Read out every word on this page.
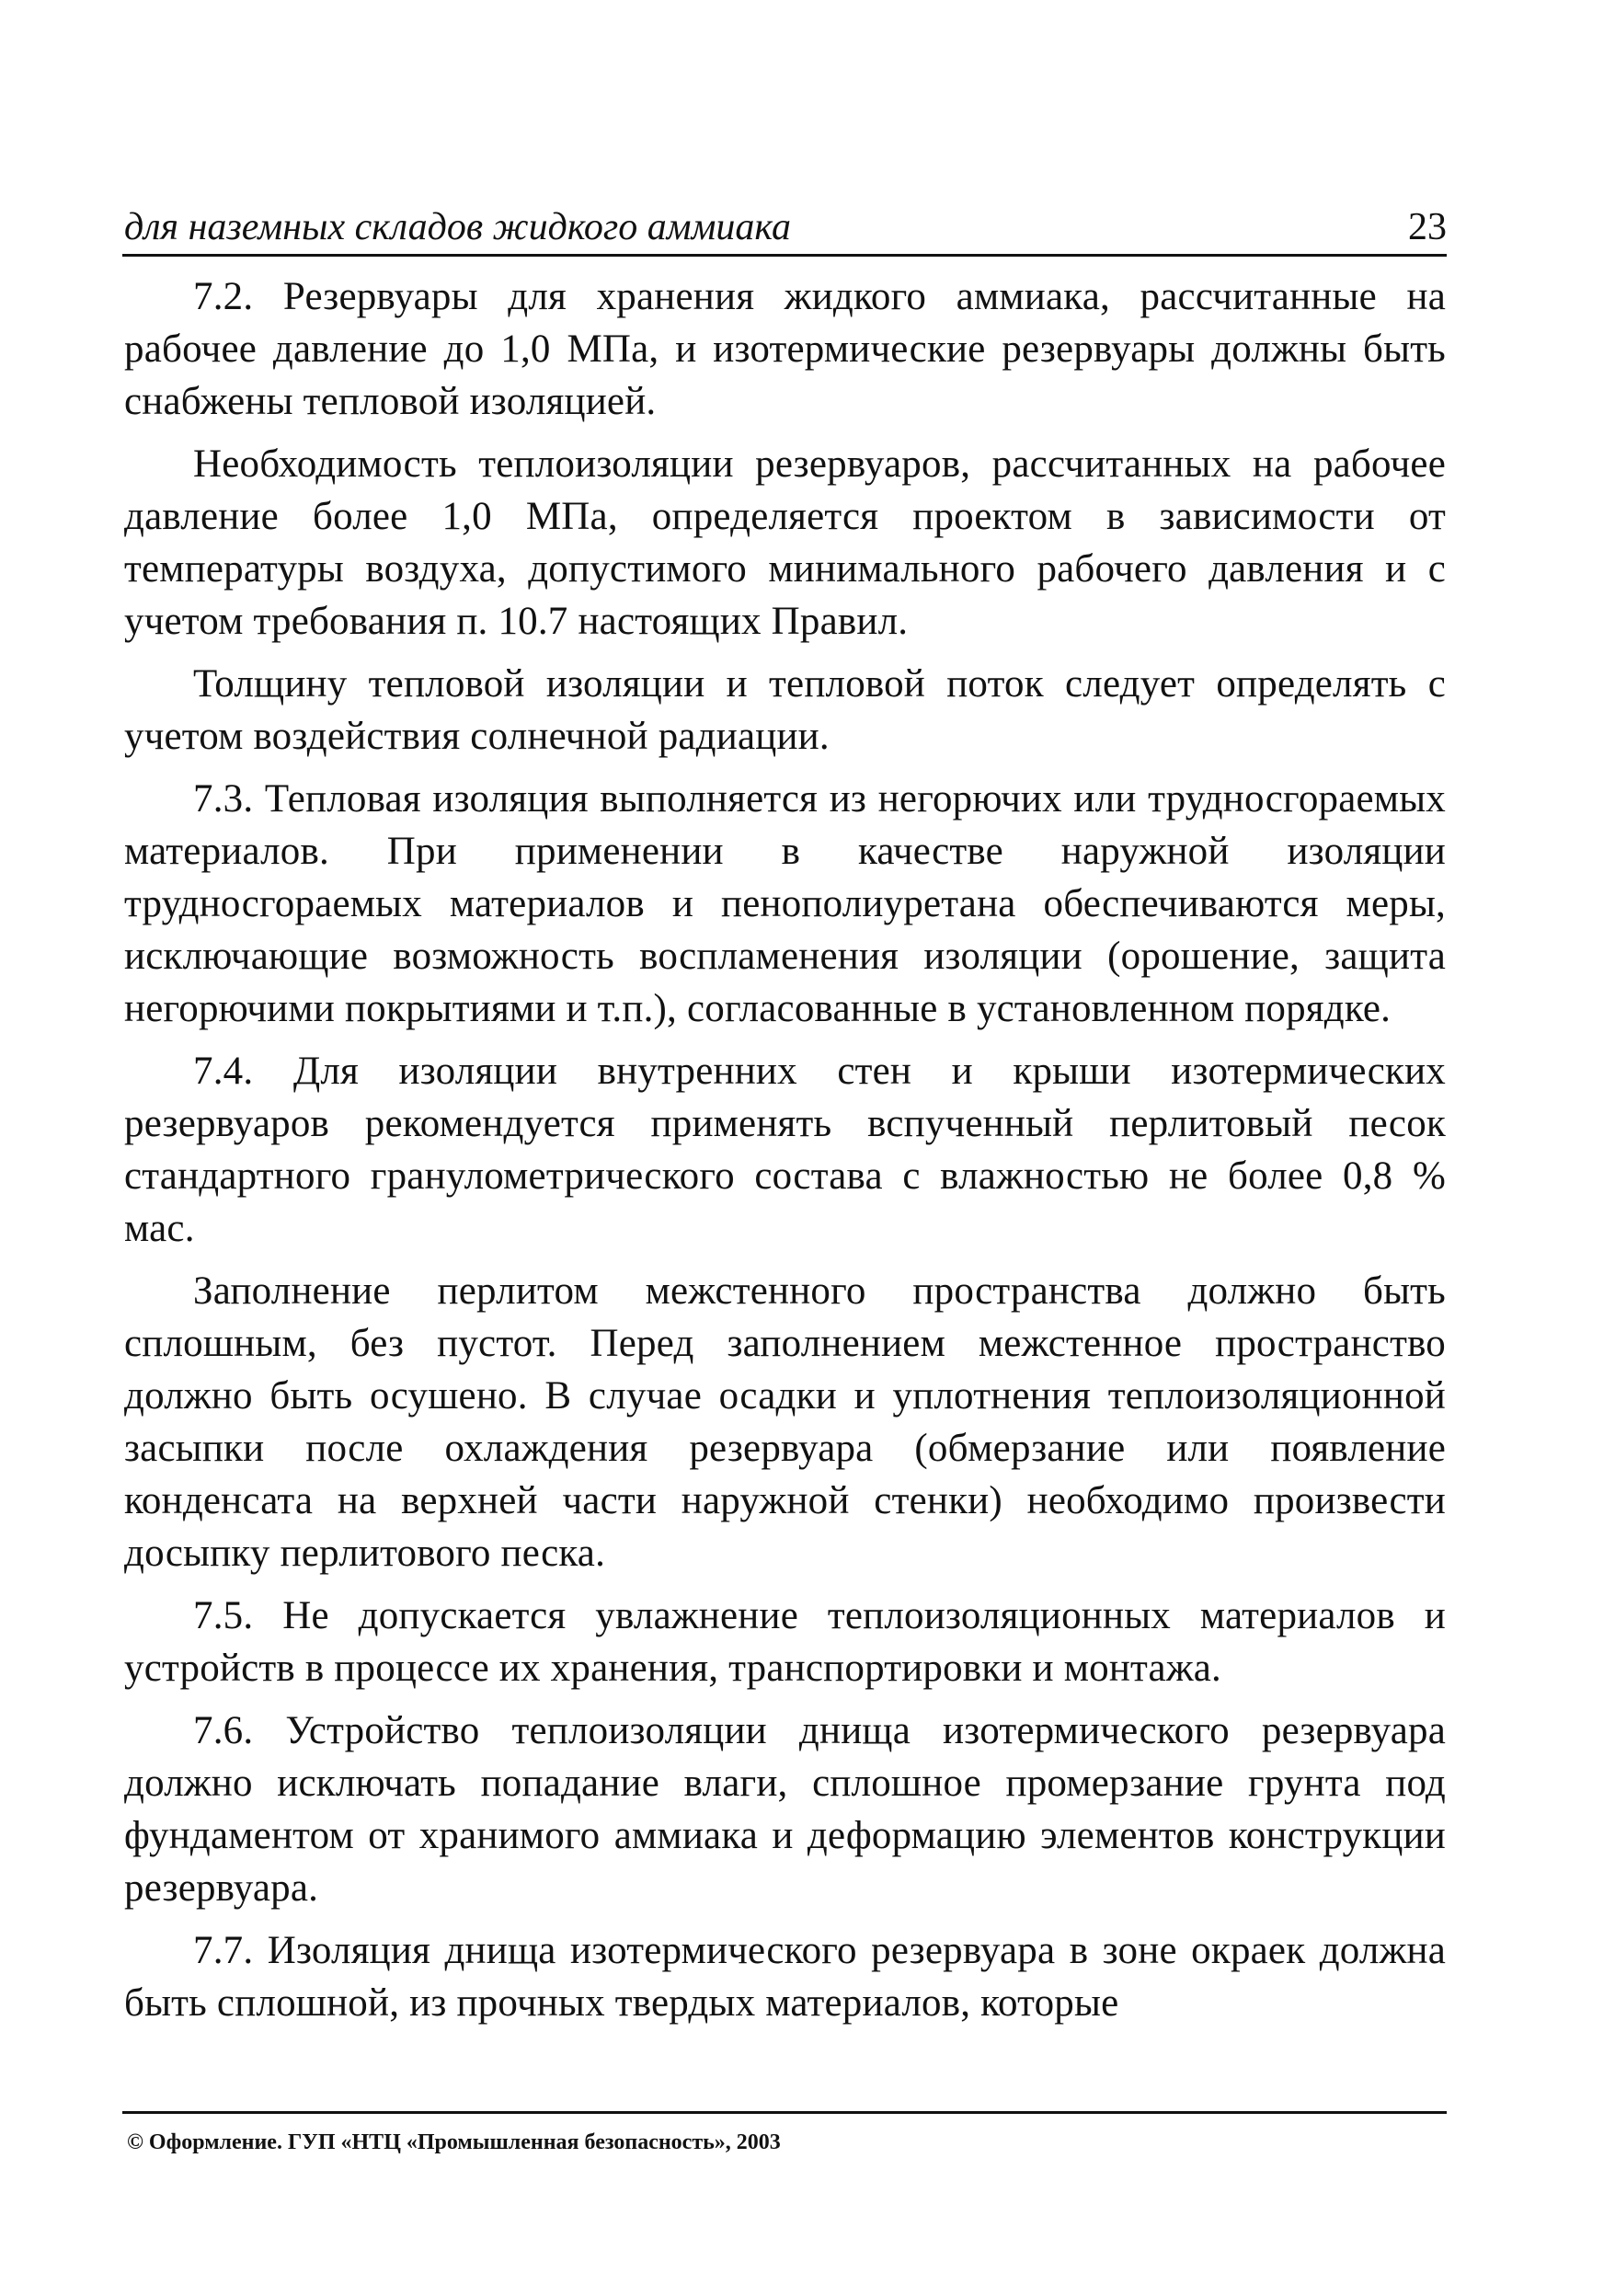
для наземных складов жидкого аммиака	23

7.2. Резервуары для хранения жидкого аммиака, рассчитанные на рабочее давление до 1,0 МПа, и изотермические резервуары должны быть снабжены тепловой изоляцией.

Необходимость теплоизоляции резервуаров, рассчитанных на рабочее давление более 1,0 МПа, определяется проектом в зависимости от температуры воздуха, допустимого минимального рабочего давления и с учетом требования п. 10.7 настоящих Правил.

Толщину тепловой изоляции и тепловой поток следует определять с учетом воздействия солнечной радиации.

7.3. Тепловая изоляция выполняется из негорючих или трудносгораемых материалов. При применении в качестве наружной изоляции трудносгораемых материалов и пенополиуретана обеспечиваются меры, исключающие возможность воспламенения изоляции (орошение, защита негорючими покрытиями и т.п.), согласованные в установленном порядке.

7.4. Для изоляции внутренних стен и крыши изотермических резервуаров рекомендуется применять вспученный перлитовый песок стандартного гранулометрического состава с влажностью не более 0,8 % мас.

Заполнение перлитом межстенного пространства должно быть сплошным, без пустот. Перед заполнением межстенное пространство должно быть осушено. В случае осадки и уплотнения теплоизоляционной засыпки после охлаждения резервуара (обмерзание или появление конденсата на верхней части наружной стенки) необходимо произвести досыпку перлитового песка.

7.5. Не допускается увлажнение теплоизоляционных материалов и устройств в процессе их хранения, транспортировки и монтажа.

7.6. Устройство теплоизоляции днища изотермического резервуара должно исключать попадание влаги, сплошное промерзание грунта под фундаментом от хранимого аммиака и деформацию элементов конструкции резервуара.

7.7. Изоляция днища изотермического резервуара в зоне окраек должна быть сплошной, из прочных твердых материалов, которые

© Оформление. ГУП «НТЦ «Промышленная безопасность», 2003
